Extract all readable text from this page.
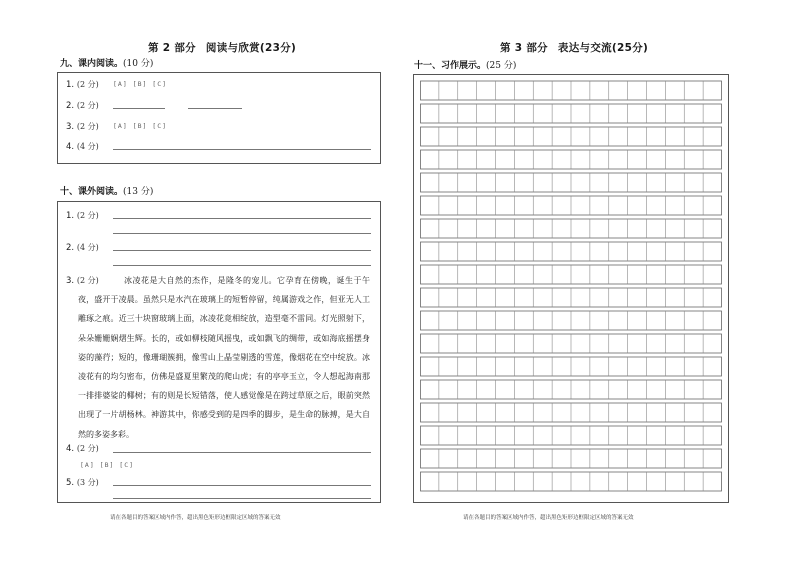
第 2 部分 阅读与欣赏(23分)
九、课内阅读。(10 分)
1. (2 分) [A] [B] [C]
2. (2 分)
3. (2 分) [A] [B] [C]
4. (4 分)
十、课外阅读。(13 分)
1. (2 分)
2. (4 分)
3. (2 分)	冰凌花是大自然的杰作，是隆冬的宠儿。它孕育在傍晚，诞生于午夜，盛开于凌晨。虽然只是水汽在玻璃上的短暂停留，纯属游戏之作，但亚无人工雕琢之痕。近三十块窗玻璃上面，冰凌花竟相绽放，造型毫不雷同。灯光照射下，朵朵姗姗娴熠生辉。长的，或如柳枝随风摇曳，或如飘飞的绸带，或如海底摇摆身姿的藻荇；短的，像珊瑚簇拥，像雪山上晶莹剔透的雪莲，像烟花在空中绽放。冰凌花有的均匀密布，仿佛是盛夏里繁茂的爬山虎；有的亭亭玉立，令人想起海南那一排排婆娑的椰树；有的则是长短错落，使人感觉像是在跨过草原之后，眼前突然出现了一片胡杨林。神游其中，你感受到的是四季的脚步，是生命的脉搏，是大自然的多姿多彩。
4. (2 分)
[A] [B] [C]
5. (3 分)
请在各题目的答案区域内作答，超出黑色矩形边框限定区域的答案无效
第 3 部分 表达与交流(25分)
十一、习作展示。(25 分)
请在各题目的答案区域内作答，超出黑色矩形边框限定区域的答案无效
